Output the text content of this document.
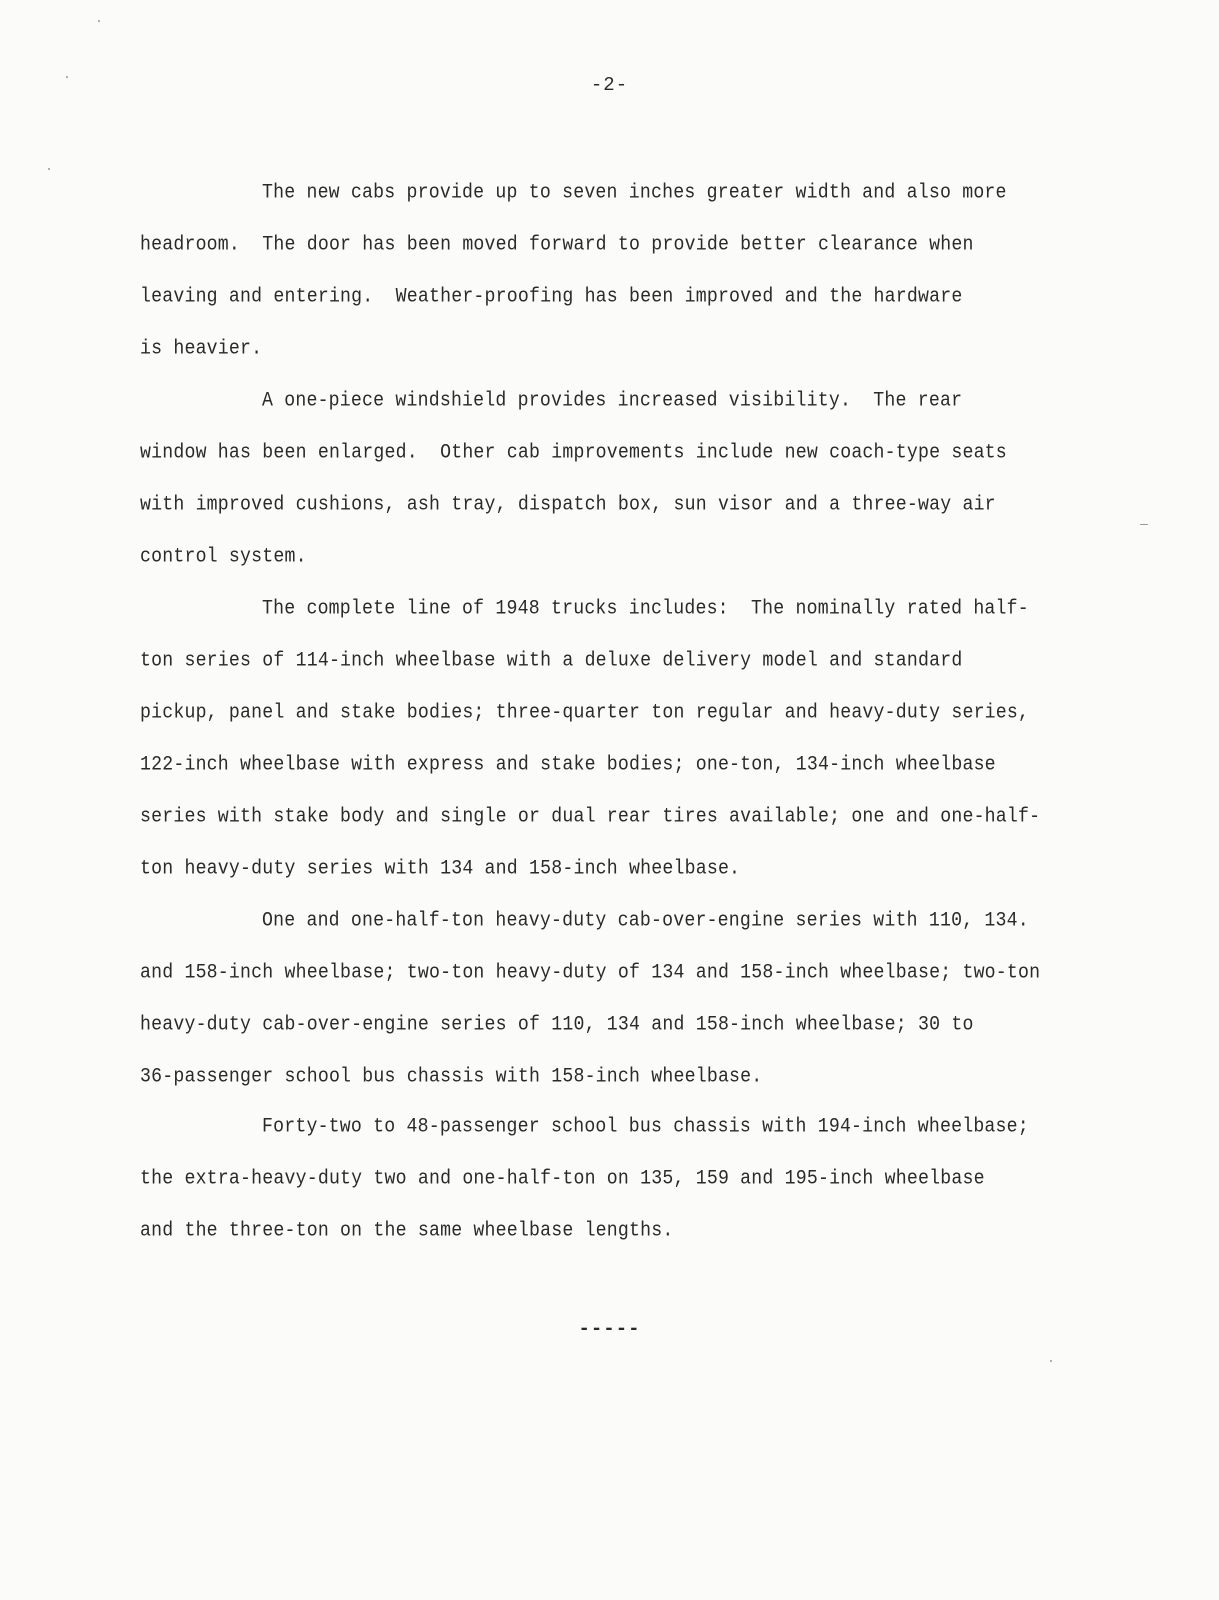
-2-
The new cabs provide up to seven inches greater width and also more
headroom.  The door has been moved forward to provide better clearance when
leaving and entering.  Weather-proofing has been improved and the hardware
is heavier.
A one-piece windshield provides increased visibility.  The rear
window has been enlarged.  Other cab improvements include new coach-type seats
with improved cushions, ash tray, dispatch box, sun visor and a three-way air
control system.
The complete line of 1948 trucks includes:  The nominally rated half-
ton series of 114-inch wheelbase with a deluxe delivery model and standard
pickup, panel and stake bodies; three-quarter ton regular and heavy-duty series,
122-inch wheelbase with express and stake bodies; one-ton, 134-inch wheelbase
series with stake body and single or dual rear tires available; one and one-half-
ton heavy-duty series with 134 and 158-inch wheelbase.
One and one-half-ton heavy-duty cab-over-engine series with 110, 134.
and 158-inch wheelbase; two-ton heavy-duty of 134 and 158-inch wheelbase; two-ton
heavy-duty cab-over-engine series of 110, 134 and 158-inch wheelbase; 30 to
36-passenger school bus chassis with 158-inch wheelbase.
Forty-two to 48-passenger school bus chassis with 194-inch wheelbase;
the extra-heavy-duty two and one-half-ton on 135, 159 and 195-inch wheelbase
and the three-ton on the same wheelbase lengths.
-----
